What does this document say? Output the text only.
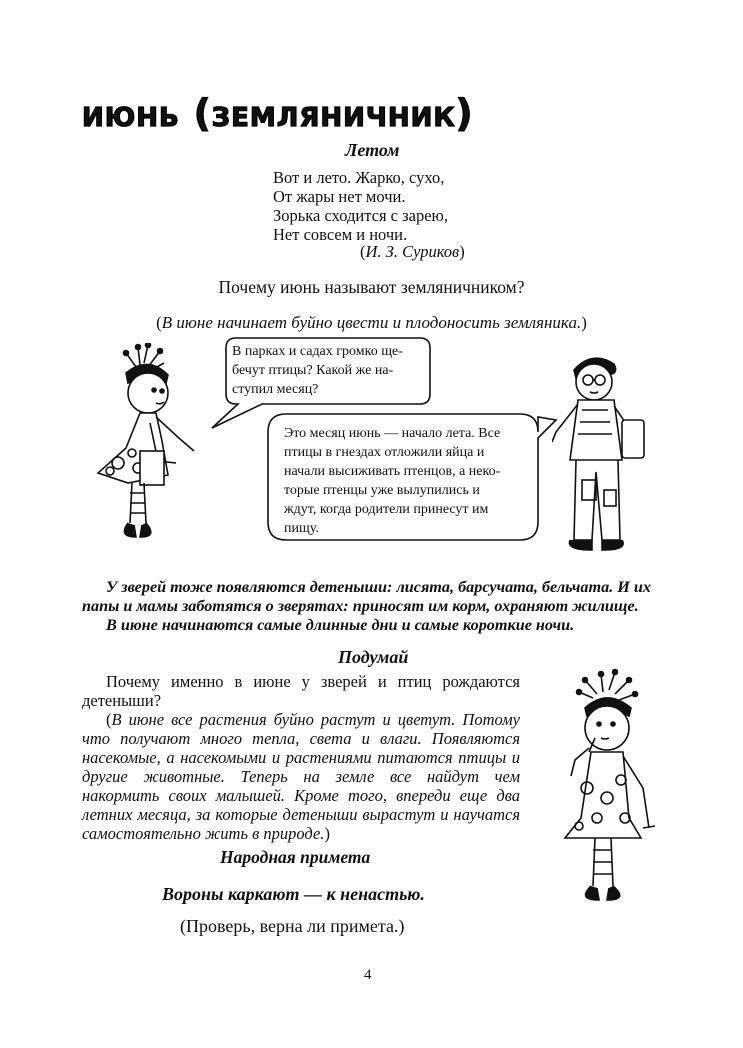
июнь (земляничник)
Летом
Вот и лето. Жарко, сухо,
От жары нет мочи.
Зорька сходится с зарею,
Нет совсем и ночи.
(И. З. Суриков)
Почему июнь называют земляничником?
(В июне начинает буйно цвести и плодоносить земляника.)
В парках и садах громко ще-
бечут птицы? Какой же на-
ступил месяц?
Это месяц июнь — начало лета. Все
птицы в гнездах отложили яйца и
начали высиживать птенцов, а неко-
торые птенцы уже вылупились и
ждут, когда родители принесут им
пищу.

У зверей тоже появляются детеныши: лисята, барсучата, бельчата. И их папы и мамы заботятся о зверятах: приносят им корм, охраняют жилище.

В июне начинаются самые длинные дни и самые короткие ночи.

Подумай

Почему именно в июне у зверей и птиц рождаются детеныши?

(В июне все растения буйно растут и цветут. Потому что получают много тепла, света и влаги. Появляются насекомые, а насекомыми и растениями питаются птицы и другие животные. Теперь на земле все найдут чем накормить своих малышей. Кроме того, впереди еще два летних месяца, за которые детеныши вырастут и научатся самостоятельно жить в природе.)

Народная примета
Вороны каркают — к ненастью.
(Проверь, верна ли примета.)
4
